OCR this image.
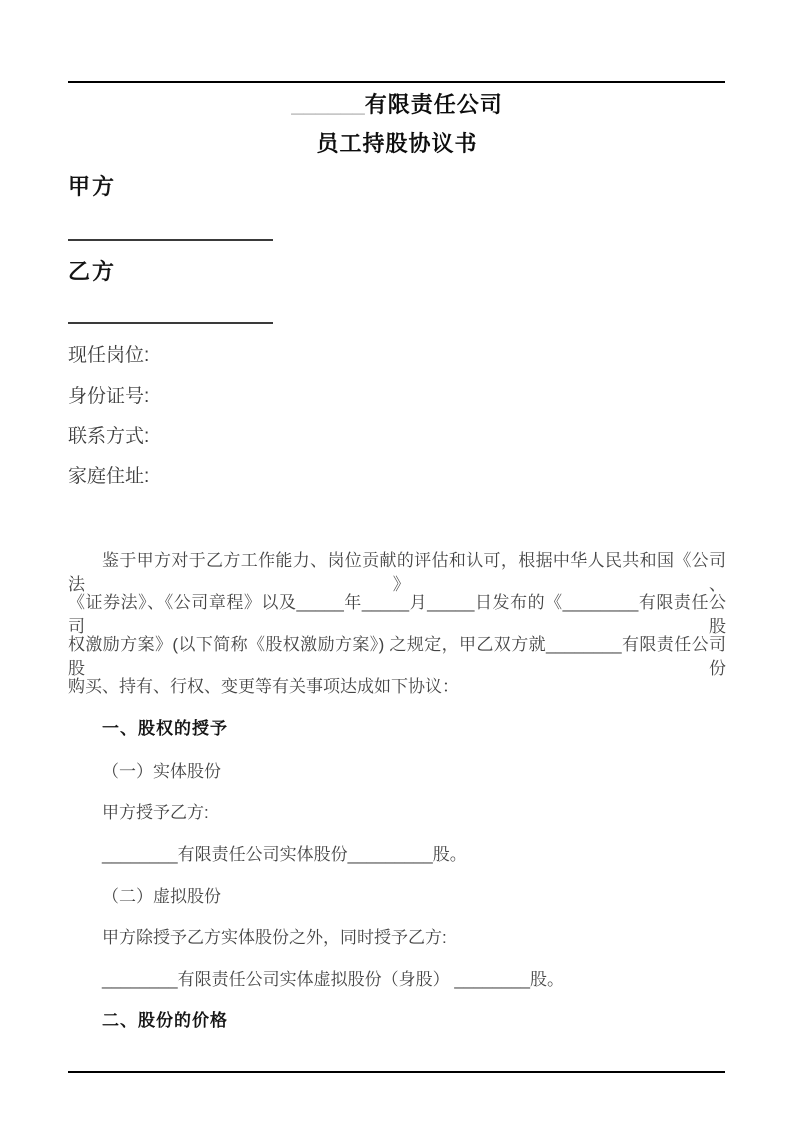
______有限责任公司
员工持股协议书
甲方
乙方
现任岗位:
身份证号:
联系方式:
家庭住址:
鉴于甲方对于乙方工作能力、岗位贡献的评估和认可，根据中华人民共和国《公司法》、
《证券法》、《公司章程》以及_____年_____月_____日发布的《________有限责任公司股
权激励方案》(以下简称《股权激励方案》) 之规定，甲乙双方就________有限责任公司股份
购买、持有、行权、变更等有关事项达成如下协议：
一、股权的授予
（一）实体股份
甲方授予乙方:
________有限责任公司实体股份_________股。
（二）虚拟股份
甲方除授予乙方实体股份之外，同时授予乙方:
________有限责任公司实体虚拟股份（身股） ________股。
二、股份的价格
